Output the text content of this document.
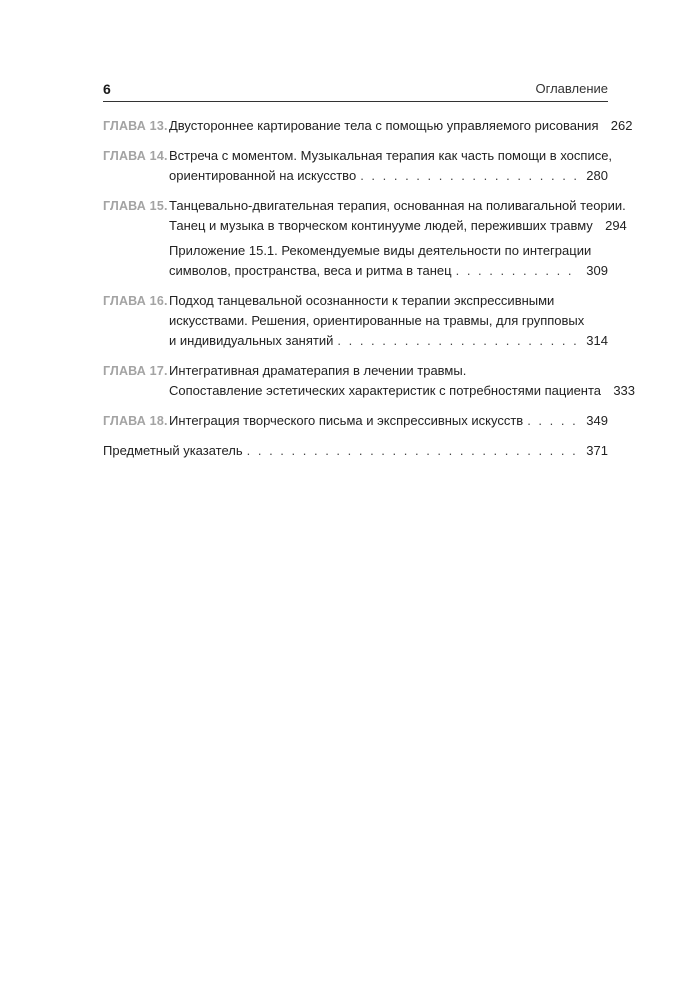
6	Оглавление
ГЛАВА 13. Двустороннее картирование тела с помощью управляемого рисования 262
ГЛАВА 14. Встреча с моментом. Музыкальная терапия как часть помощи в хосписе,
ориентированной на искусство . . .	280
ГЛАВА 15. Танцевально-двигательная терапия, основанная на поливагальной теории.
Танец и музыка в творческом континууме людей, переживших травму 294
Приложение 15.1. Рекомендуемые виды деятельности по интеграции
символов, пространства, веса и ритма в танец . . .	309
ГЛАВА 16. Подход танцевальной осознанности к терапии экспрессивными
искусствами. Решения, ориентированные на травмы, для групповых
и индивидуальных занятий . . .	314
ГЛАВА 17. Интегративная драматерапия в лечении травмы.
Сопоставление эстетических характеристик с потребностями пациента 333
ГЛАВА 18. Интеграция творческого письма и экспрессивных искусств . . .	349
Предметный указатель . . .	371
